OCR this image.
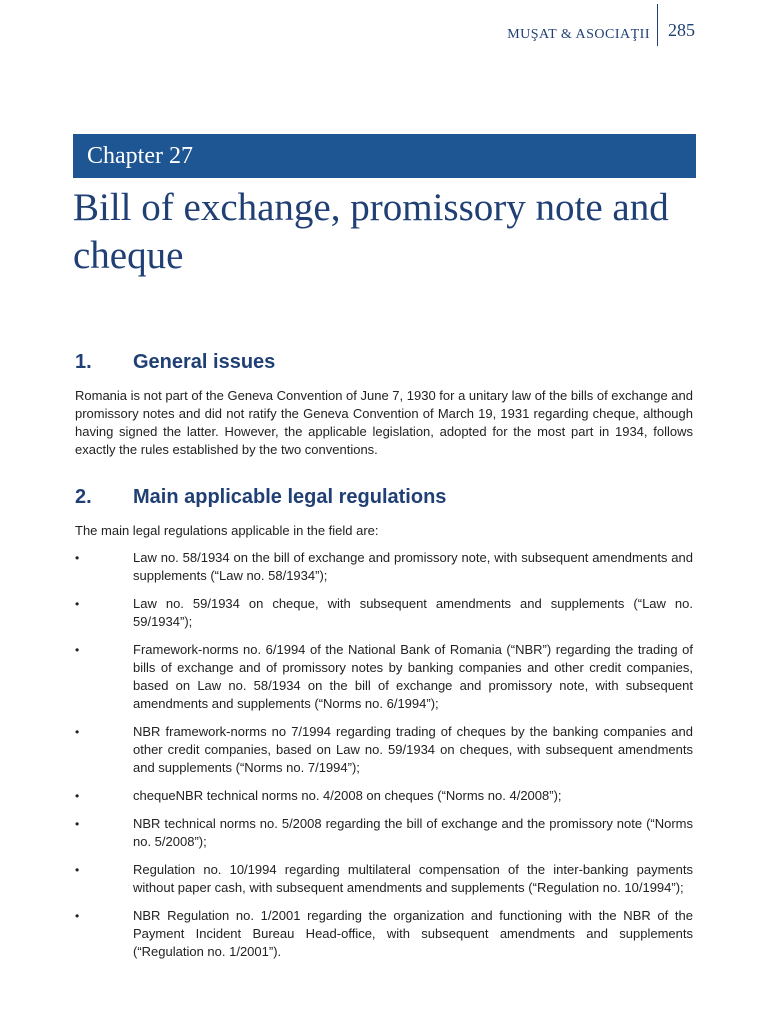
MUŞAT & ASOCIAŢII 285
Chapter 27
Bill of exchange, promissory note and cheque
1. General issues

Romania is not part of the Geneva Convention of June 7, 1930 for a unitary law of the bills of exchange and promissory notes and did not ratify the Geneva Convention of March 19, 1931 regarding cheque, although having signed the latter. However, the applicable legislation, adopted for the most part in 1934, follows exactly the rules established by the two conventions.

2. Main applicable legal regulations

The main legal regulations applicable in the field are:

•	Law no. 58/1934 on the bill of exchange and promissory note, with subsequent amendments and supplements (“Law no. 58/1934”);
•	Law no. 59/1934 on cheque, with subsequent amendments and supplements (“Law no. 59/1934”);
•	Framework-norms no. 6/1994 of the National Bank of Romania (“NBR”) regarding the trading of bills of exchange and of promissory notes by banking companies and other credit companies, based on Law no. 58/1934 on the bill of exchange and promissory note, with subsequent amendments and supplements (“Norms no. 6/1994”);
•	NBR framework-norms no 7/1994 regarding trading of cheques by the banking companies and other credit companies, based on Law no. 59/1934 on cheques, with subsequent amendments and supplements (“Norms no. 7/1994”);
•	chequeNBR technical norms no. 4/2008 on cheques (“Norms no. 4/2008”);
•	NBR technical norms no. 5/2008 regarding the bill of exchange and the promissory note (“Norms no. 5/2008”);
•	Regulation no. 10/1994 regarding multilateral compensation of the inter-banking payments without paper cash, with subsequent amendments and supplements (“Regulation no. 10/1994”);
•	NBR Regulation no. 1/2001 regarding the organization and functioning with the NBR of the Payment Incident Bureau Head-office, with subsequent amendments and supplements (“Regulation no. 1/2001”).
